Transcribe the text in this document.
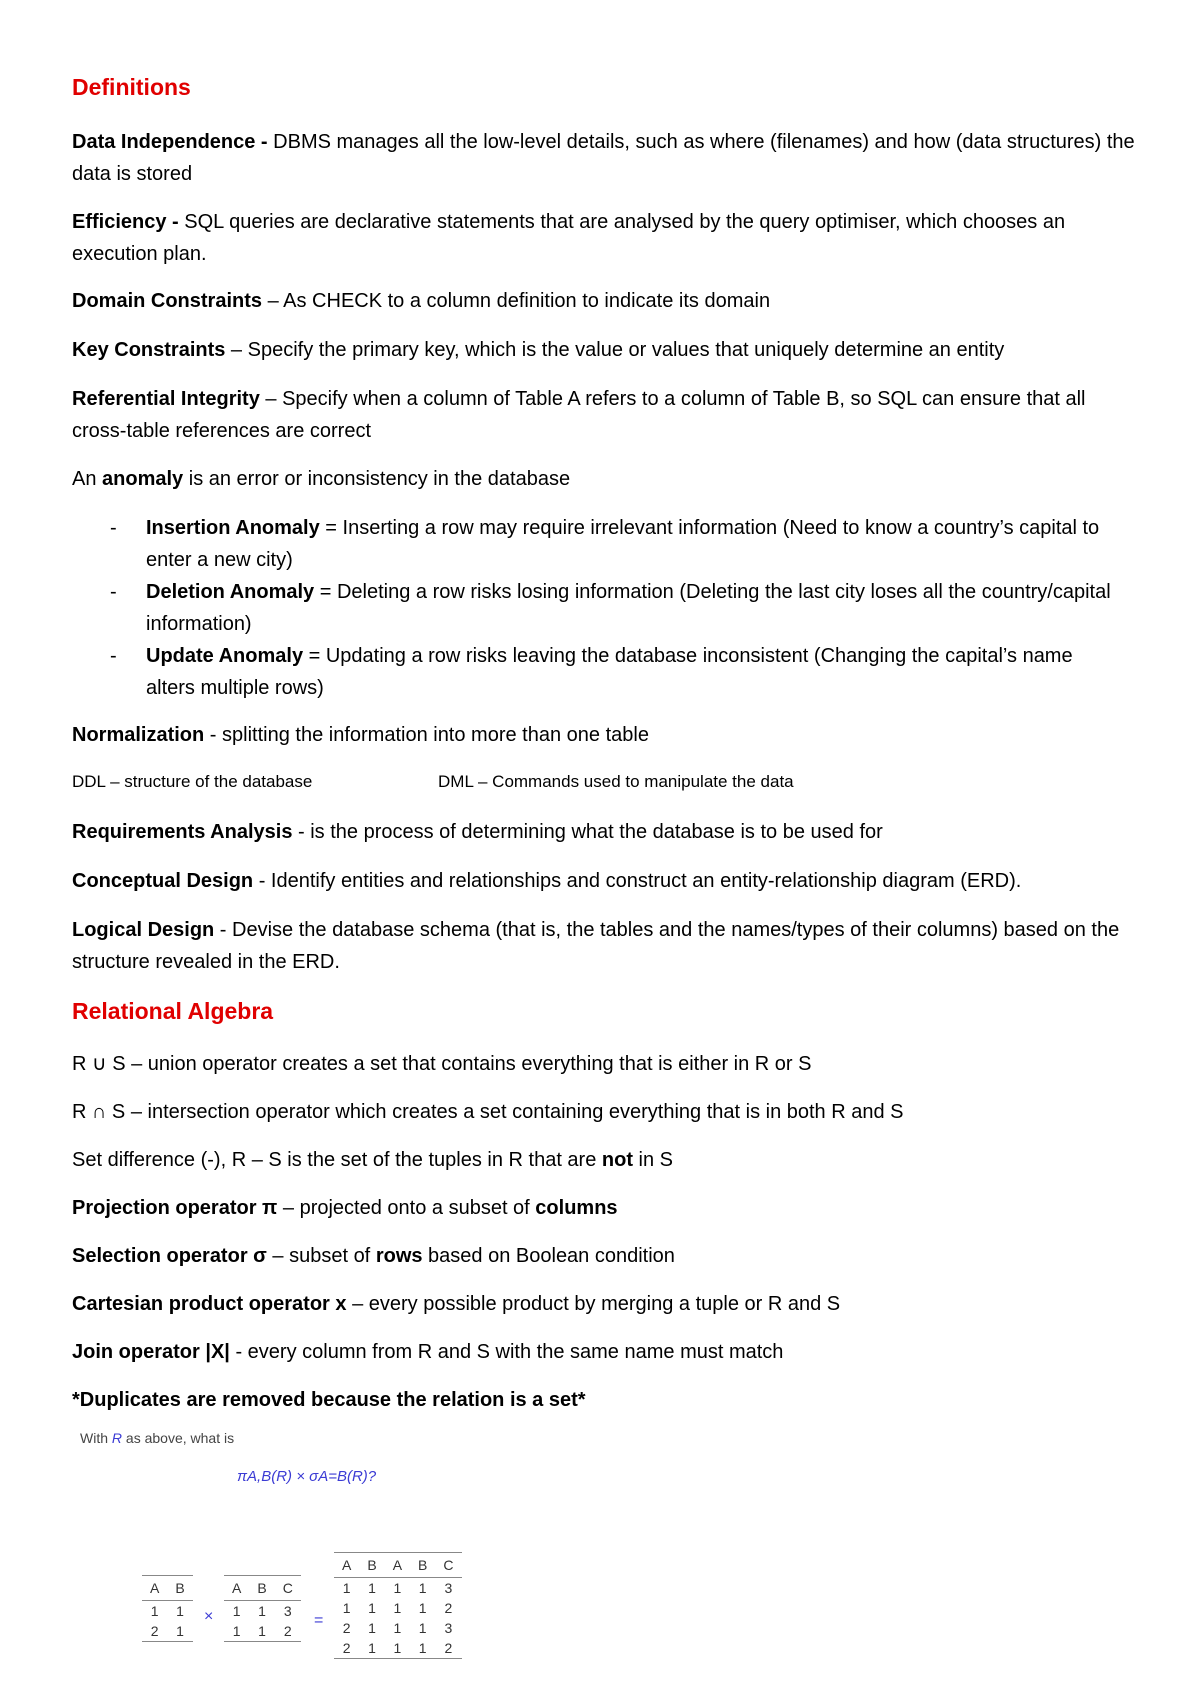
Definitions

Data Independence - DBMS manages all the low-level details, such as where (filenames) and how (data structures) the data is stored

Efficiency - SQL queries are declarative statements that are analysed by the query optimiser, which chooses an execution plan.

Domain Constraints – As CHECK to a column definition to indicate its domain

Key Constraints – Specify the primary key, which is the value or values that uniquely determine an entity

Referential Integrity – Specify when a column of Table A refers to a column of Table B, so SQL can ensure that all cross-table references are correct

An anomaly is an error or inconsistency in the database

- Insertion Anomaly = Inserting a row may require irrelevant information (Need to know a country’s capital to enter a new city)
- Deletion Anomaly = Deleting a row risks losing information (Deleting the last city loses all the country/capital information)
- Update Anomaly = Updating a row risks leaving the database inconsistent (Changing the capital’s name alters multiple rows)

Normalization - splitting the information into more than one table

DDL – structure of the database	DML – Commands used to manipulate the data

Requirements Analysis - is the process of determining what the database is to be used for

Conceptual Design - Identify entities and relationships and construct an entity-relationship diagram (ERD).

Logical Design - Devise the database schema (that is, the tables and the names/types of their columns) based on the structure revealed in the ERD.

Relational Algebra

R ∪ S – union operator creates a set that contains everything that is either in R or S

R ∩ S – intersection operator which creates a set containing everything that is in both R and S

Set difference (-), R – S is the set of the tuples in R that are not in S

Projection operator π – projected onto a subset of columns

Selection operator σ – subset of rows based on Boolean condition

Cartesian product operator x – every possible product by merging a tuple or R and S

Join operator |X| - every column from R and S with the same name must match

*Duplicates are removed because the relation is a set*

With R as above, what is
πA,B(R) × σA=B(R)?
A	B
1	1
2	1
×
A	B	C
1	1	3
1	1	2
=
A	B	A	B	C
1	1	1	1	3
1	1	1	1	2
2	1	1	1	3
2	1	1	1	2
